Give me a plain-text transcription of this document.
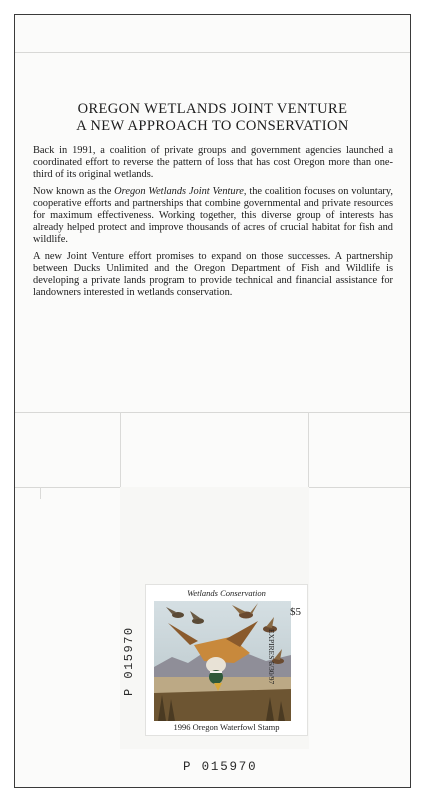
OREGON WETLANDS JOINT VENTURE
A NEW APPROACH TO CONSERVATION

Back in 1991, a coalition of private groups and government agencies launched a coordinated effort to reverse the pattern of loss that has cost Oregon more than one-third of its original wetlands.

Now known as the Oregon Wetlands Joint Venture, the coalition focuses on voluntary, cooperative efforts and partnerships that combine governmental and private resources for maximum effectiveness. Working together, this diverse group of interests has already helped protect and improve thousands of acres of crucial habitat for fish and wildlife.

A new Joint Venture effort promises to expand on those successes. A partnership between Ducks Unlimited and the Oregon Department of Fish and Wildlife is developing a private lands program to provide technical and financial assistance for landowners interested in wetlands conservation.

P 015970
Wetlands Conservation
$5
EXPIRES 6/30/97
1996 Oregon Waterfowl Stamp
P 015970
